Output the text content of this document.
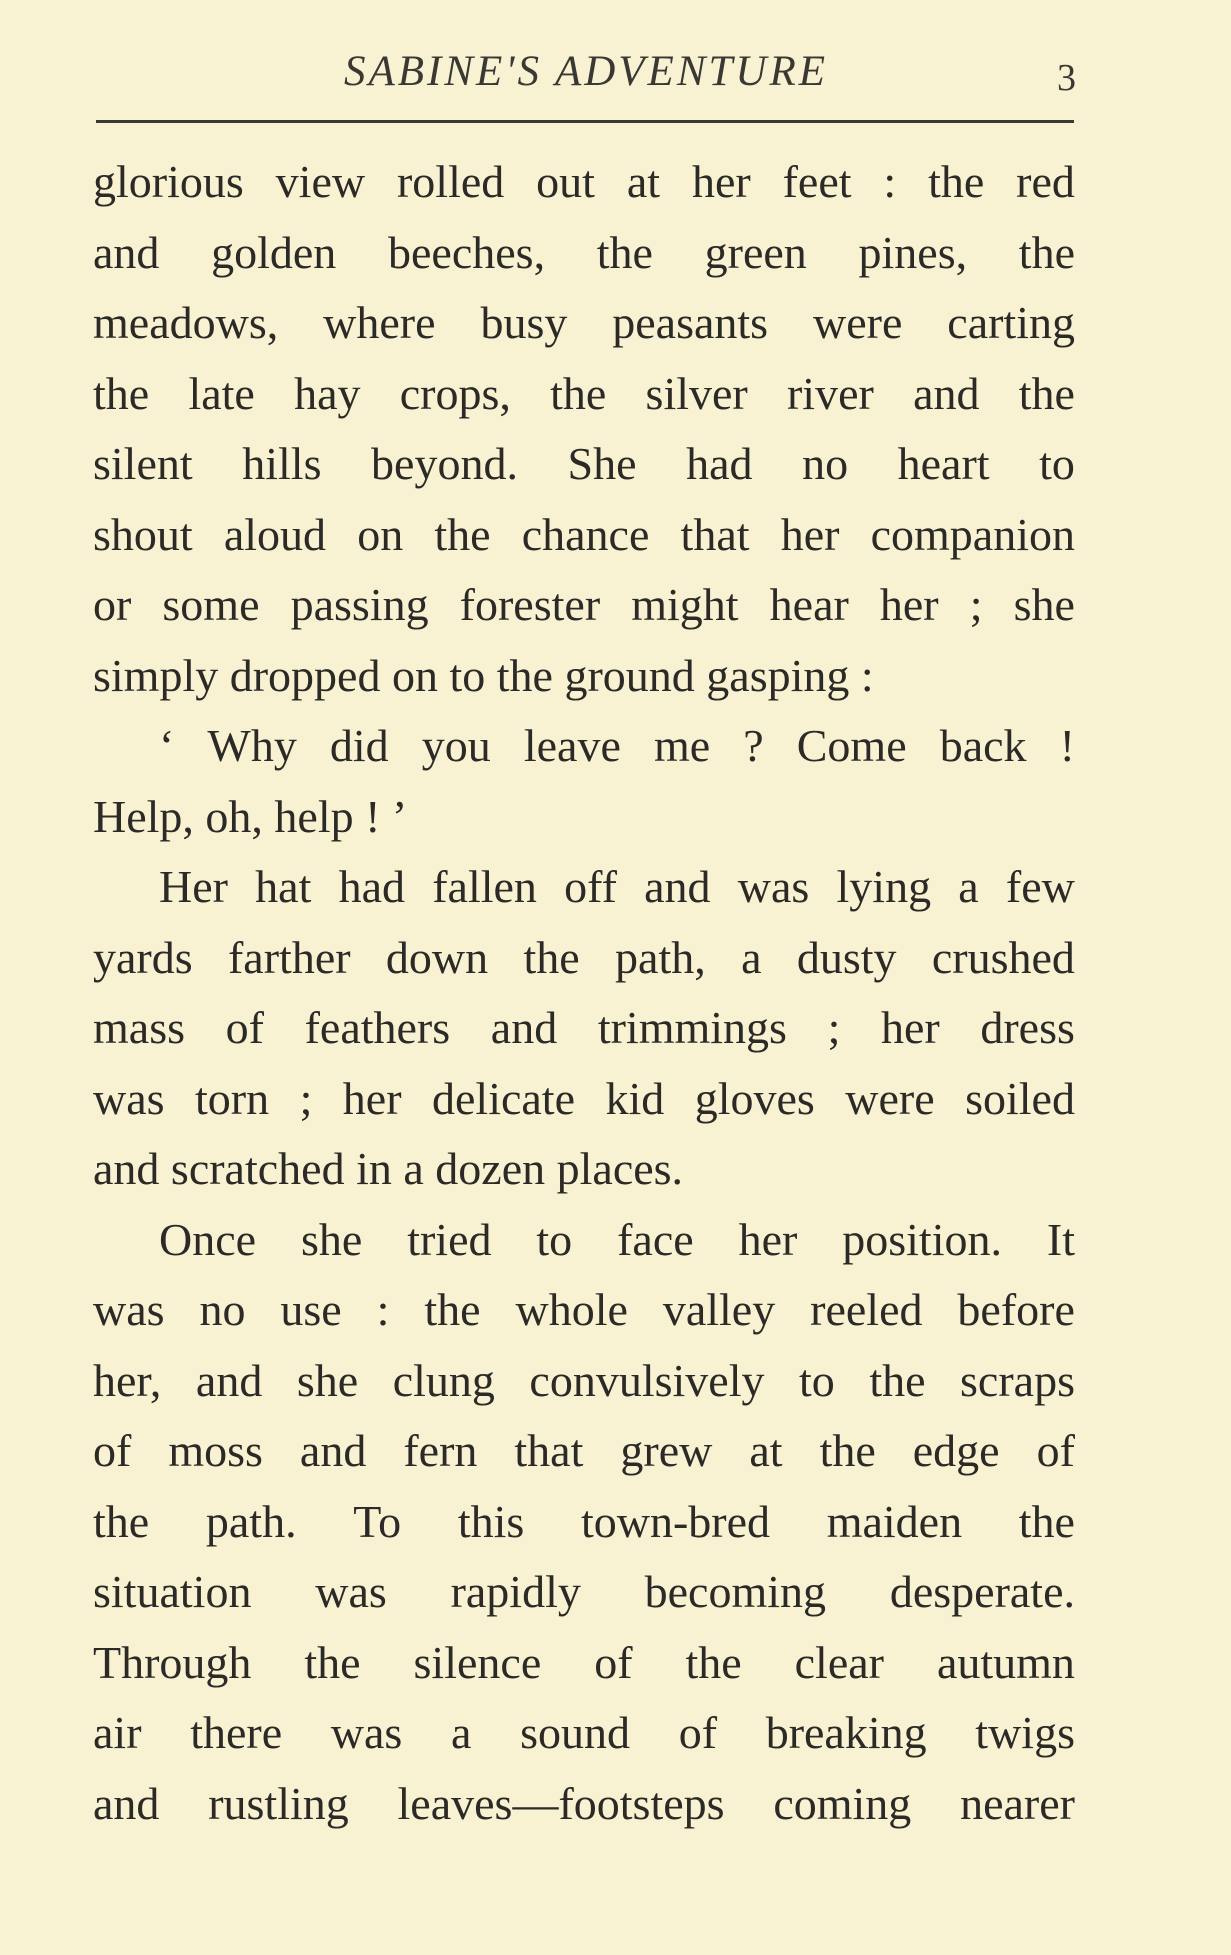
SABINE'S ADVENTURE	3
glorious view rolled out at her feet : the red
and golden beeches, the green pines, the
meadows, where busy peasants were carting
the late hay crops, the silver river and the
silent hills beyond. She had no heart to
shout aloud on the chance that her companion
or some passing forester might hear her ; she
simply dropped on to the ground gasping :
‘ Why did you leave me ? Come back !
Help, oh, help ! ’
Her hat had fallen off and was lying a few
yards farther down the path, a dusty crushed
mass of feathers and trimmings ; her dress
was torn ; her delicate kid gloves were soiled
and scratched in a dozen places.
Once she tried to face her position. It
was no use : the whole valley reeled before
her, and she clung convulsively to the scraps
of moss and fern that grew at the edge of
the path. To this town-bred maiden the
situation was rapidly becoming desperate.
Through the silence of the clear autumn
air there was a sound of breaking twigs
and rustling leaves—footsteps coming nearer
